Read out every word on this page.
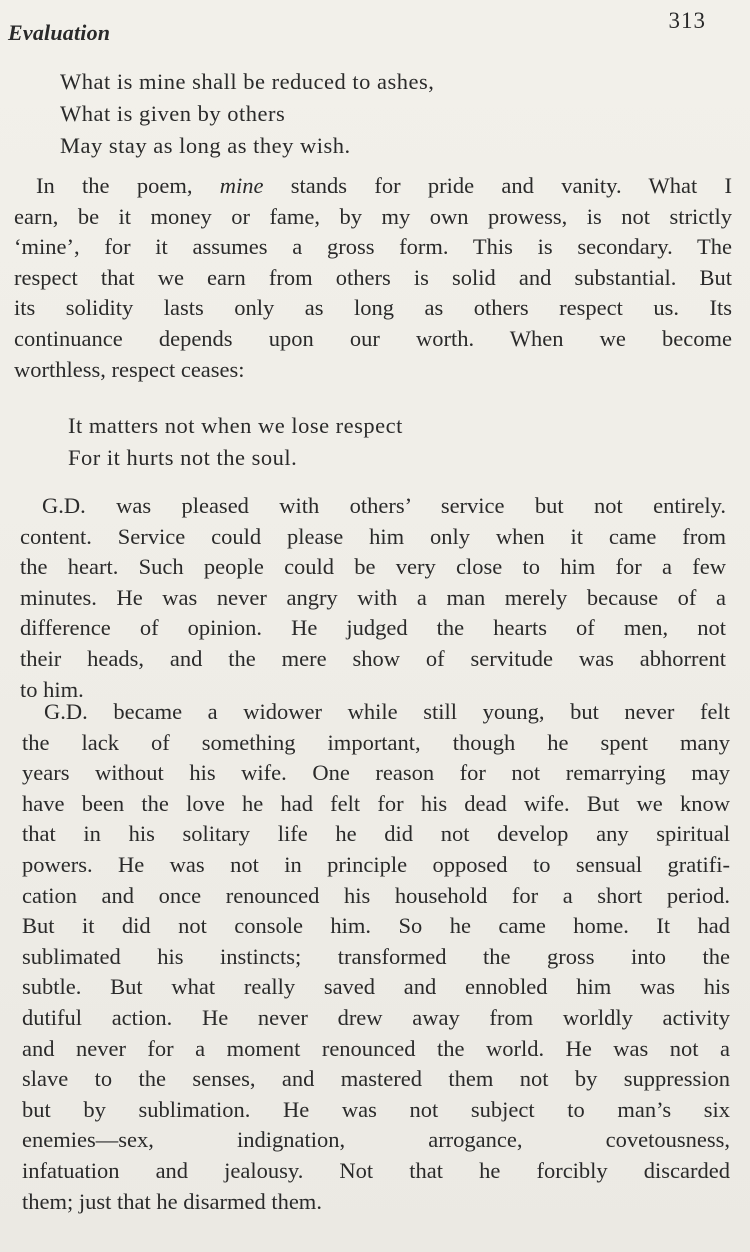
Evaluation	313
What is mine shall be reduced to ashes,
What is given by others
May stay as long as they wish.
In the poem, mine stands for pride and vanity. What I
earn, be it money or fame, by my own prowess, is not strictly
‘mine’, for it assumes a gross form. This is secondary. The
respect that we earn from others is solid and substantial. But
its solidity lasts only as long as others respect us. Its
continuance depends upon our worth. When we become
worthless, respect ceases:
It matters not when we lose respect
For it hurts not the soul.
G.D. was pleased with others’ service but not entirely.
content. Service could please him only when it came from
the heart. Such people could be very close to him for a few
minutes. He was never angry with a man merely because of a
difference of opinion. He judged the hearts of men, not
their heads, and the mere show of servitude was abhorrent
to him.
G.D. became a widower while still young, but never felt
the lack of something important, though he spent many
years without his wife. One reason for not remarrying may
have been the love he had felt for his dead wife. But we know
that in his solitary life he did not develop any spiritual
powers. He was not in principle opposed to sensual gratifi-
cation and once renounced his household for a short period.
But it did not console him. So he came home. It had
sublimated his instincts; transformed the gross into the
subtle. But what really saved and ennobled him was his
dutiful action. He never drew away from worldly activity
and never for a moment renounced the world. He was not a
slave to the senses, and mastered them not by suppression
but by sublimation. He was not subject to man’s six
enemies—sex, indignation, arrogance, covetousness,
infatuation and jealousy. Not that he forcibly discarded
them; just that he disarmed them.
